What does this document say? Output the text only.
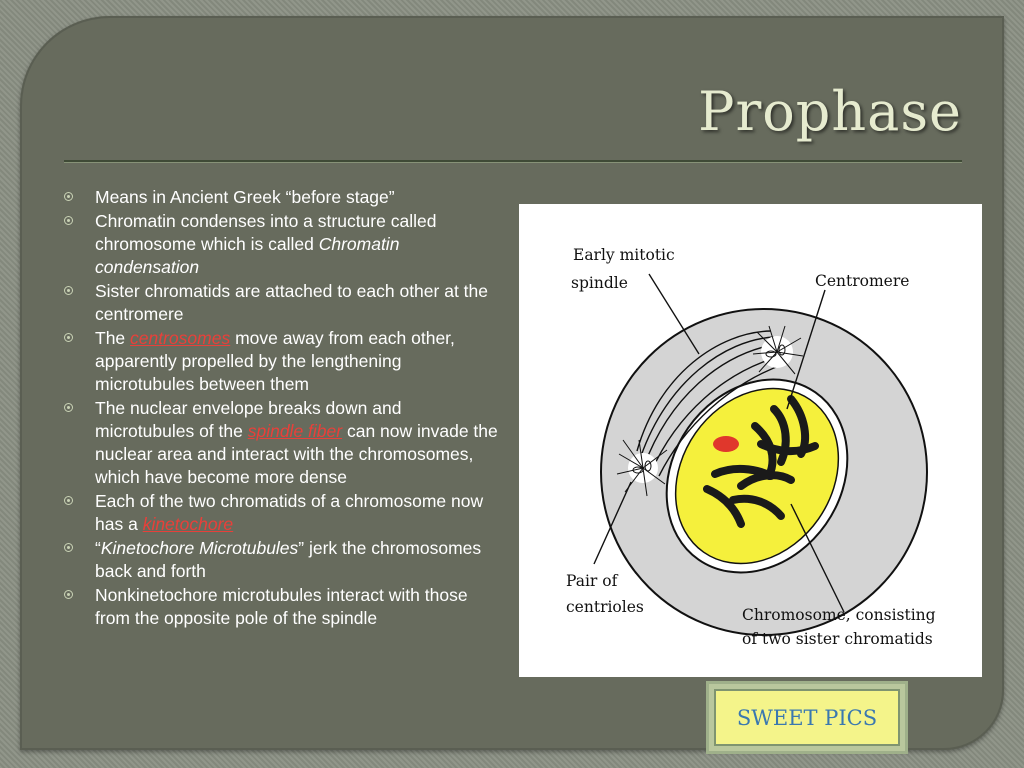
Prophase
Means in Ancient Greek “before stage”
Chromatin condenses into a structure called chromosome which is called Chromatin condensation
Sister chromatids are attached to each other at the centromere
The centrosomes move away from each other, apparently propelled by the lengthening microtubules between them
The nuclear envelope breaks down and microtubules of the spindle fiber can now invade the nuclear area and interact with the chromosomes, which have become more dense
Each of the two chromatids of a chromosome now has a kinetochore
“Kinetochore Microtubules” jerk the chromosomes back and forth
Nonkinetochore microtubules interact with those from the opposite pole of the spindle
Early mitotic
spindle	Centromere
Pair of
centrioles	Chromosome, consisting
of two sister chromatids
SWEET PICS
